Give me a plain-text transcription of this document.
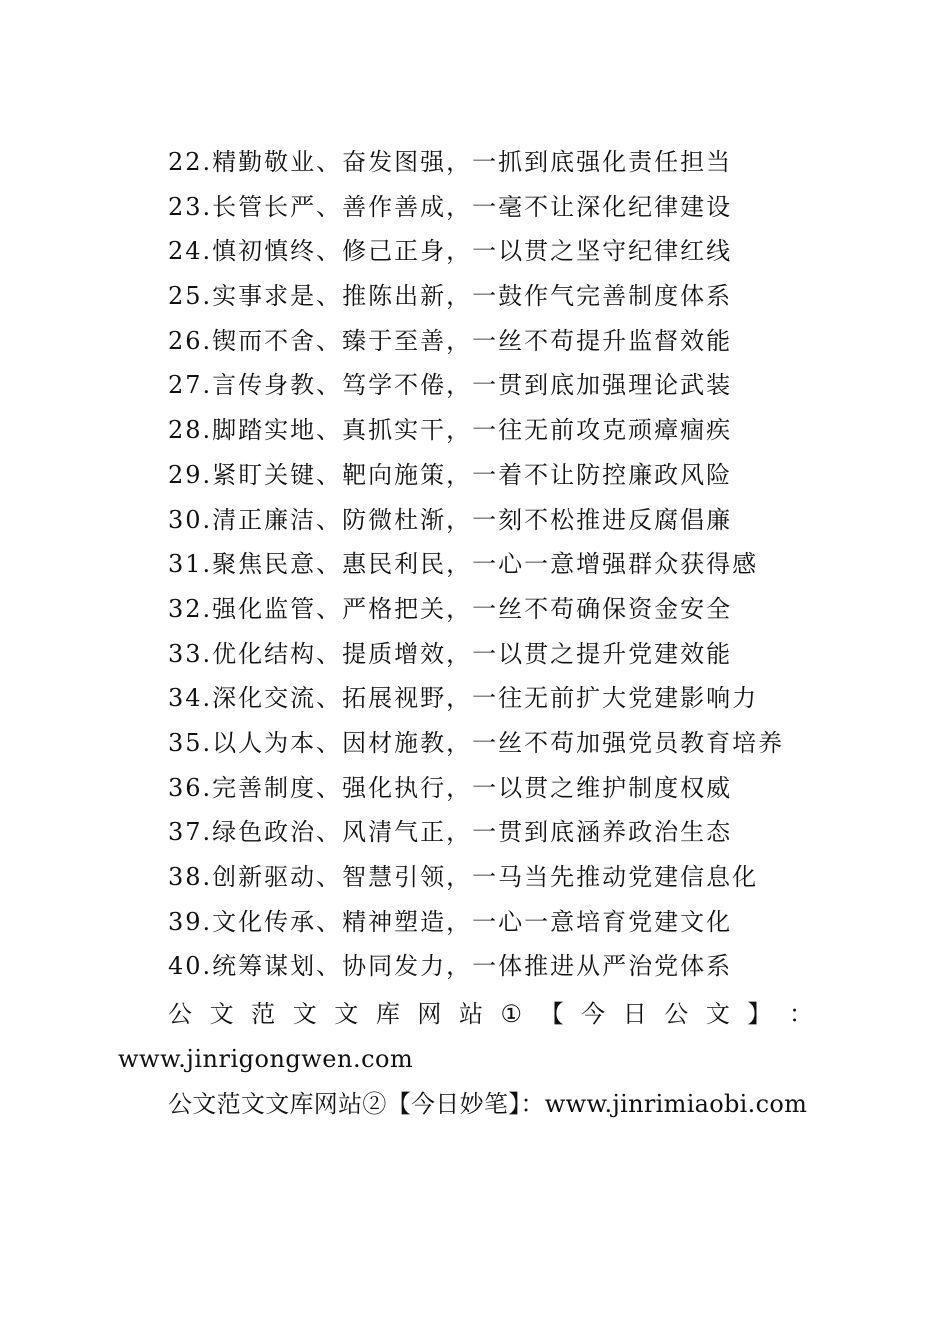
22.精勤敬业、奋发图强，一抓到底强化责任担当
23.长管长严、善作善成，一毫不让深化纪律建设
24.慎初慎终、修己正身，一以贯之坚守纪律红线
25.实事求是、推陈出新，一鼓作气完善制度体系
26.锲而不舍、臻于至善，一丝不苟提升监督效能
27.言传身教、笃学不倦，一贯到底加强理论武装
28.脚踏实地、真抓实干，一往无前攻克顽瘴痼疾
29.紧盯关键、靶向施策，一着不让防控廉政风险
30.清正廉洁、防微杜渐，一刻不松推进反腐倡廉
31.聚焦民意、惠民利民，一心一意增强群众获得感
32.强化监管、严格把关，一丝不苟确保资金安全
33.优化结构、提质增效，一以贯之提升党建效能
34.深化交流、拓展视野，一往无前扩大党建影响力
35.以人为本、因材施教，一丝不苟加强党员教育培养
36.完善制度、强化执行，一以贯之维护制度权威
37.绿色政治、风清气正，一贯到底涵养政治生态
38.创新驱动、智慧引领，一马当先推动党建信息化
39.文化传承、精神塑造，一心一意培育党建文化
40.统筹谋划、协同发力，一体推进从严治党体系
公 文 范 文 文 库 网 站 ① 【 今 日 公 文 】 ：
www.jinrigongwen.com
公文范文文库网站②【今日妙笔】：www.jinrimiaobi.com
